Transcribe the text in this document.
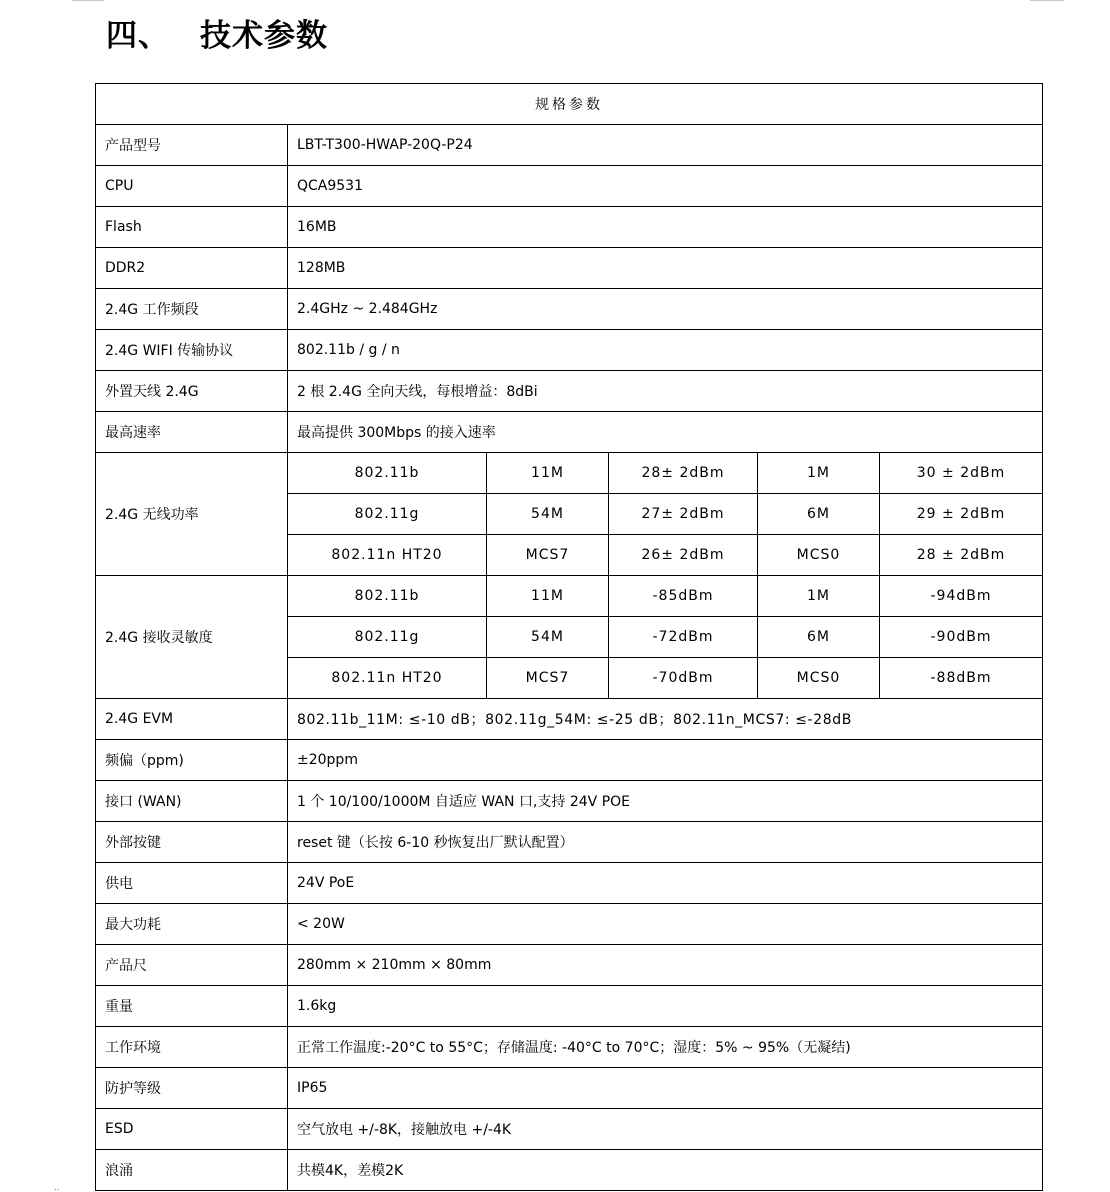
四、 技术参数
规格参数					
产品型号	LBT-T300-HWAP-20Q-P24				
CPU	QCA9531				
Flash	16MB				
DDR2	128MB				
2.4G 工作频段	2.4GHz ~ 2.484GHz				
2.4G WIFI 传输协议	802.11b / g / n				
外置天线 2.4G	2 根 2.4G 全向天线，每根增益：8dBi				
最高速率	最高提供 300Mbps 的接入速率				
2.4G 无线功率	802.11b	11M	28± 2dBm	1M	30 ± 2dBm
	802.11g	54M	27± 2dBm	6M	29 ± 2dBm
	802.11n HT20	MCS7	26± 2dBm	MCS0	28 ± 2dBm
2.4G 接收灵敏度	802.11b	11M	-85dBm	1M	-94dBm
	802.11g	54M	-72dBm	6M	-90dBm
	802.11n HT20	MCS7	-70dBm	MCS0	-88dBm
2.4G EVM	802.11b_11M: ≤-10 dB；802.11g_54M: ≤-25 dB；802.11n_MCS7: ≤-28dB				
频偏（ppm)	±20ppm				
接口 (WAN)	1 个 10/100/1000M 自适应 WAN 口,支持 24V POE				
外部按键	reset 键（长按 6-10 秒恢复出厂默认配置）				
供电	24V PoE				
最大功耗	< 20W				
产品尺	280mm × 210mm × 80mm				
重量	1.6kg				
工作环境	正常工作温度:-20°C to 55°C；存储温度: -40°C to 70°C；湿度：5% ~ 95%（无凝结)				
防护等级	IP65				
ESD	空气放电 +/-8K，接触放电 +/-4K				
浪涌	共模4K，差模2K				
‥
